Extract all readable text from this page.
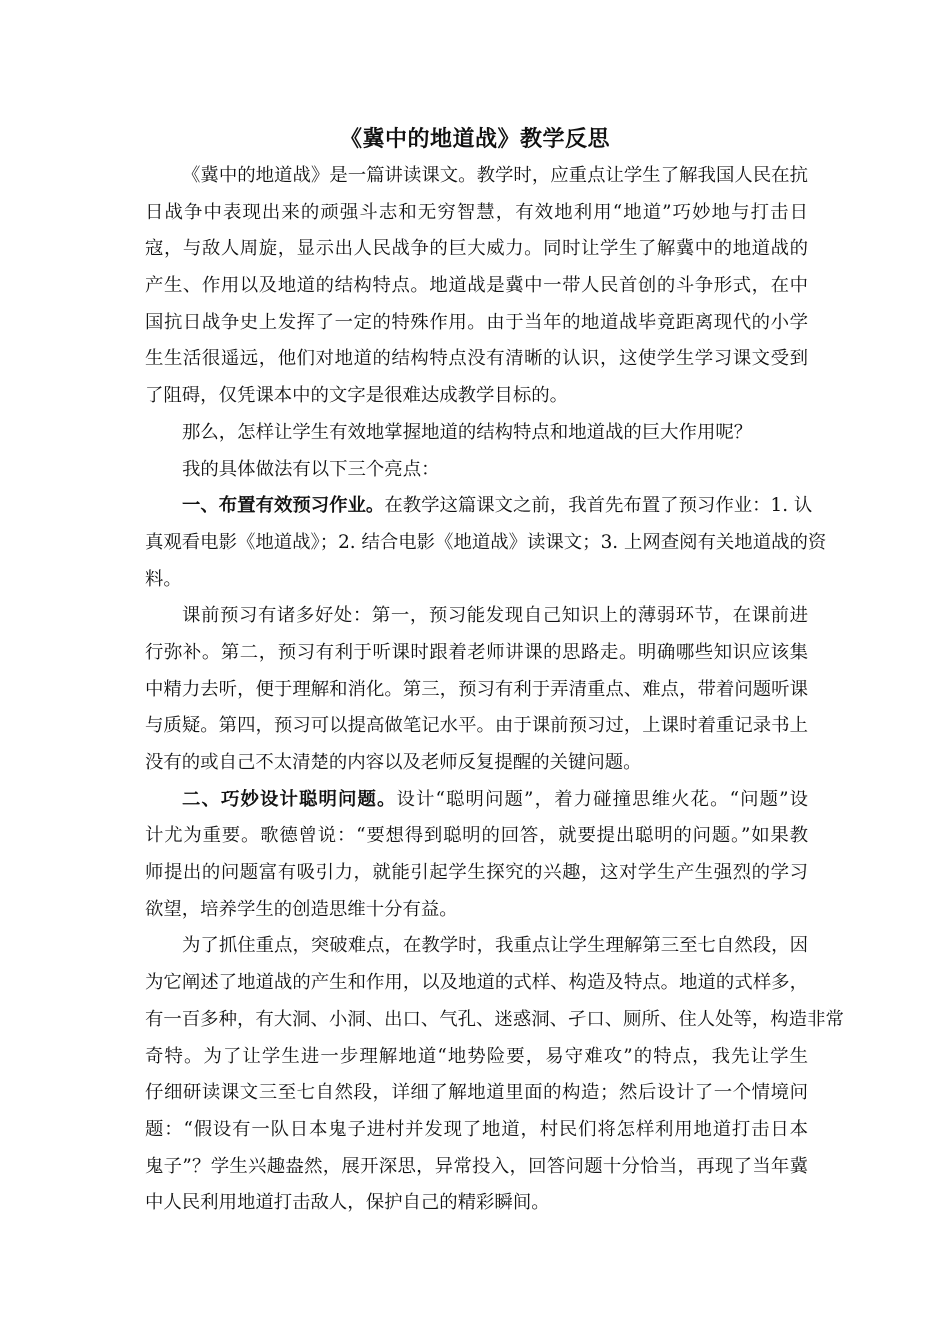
《冀中的地道战》教学反思
《冀中的地道战》是一篇讲读课文。教学时，应重点让学生了解我国人民在抗
日战争中表现出来的顽强斗志和无穷智慧，有效地利用“地道”巧妙地与打击日
寇，与敌人周旋，显示出人民战争的巨大威力。同时让学生了解冀中的地道战的
产生、作用以及地道的结构特点。地道战是冀中一带人民首创的斗争形式，在中
国抗日战争史上发挥了一定的特殊作用。由于当年的地道战毕竟距离现代的小学
生生活很遥远，他们对地道的结构特点没有清晰的认识，这使学生学习课文受到
了阻碍，仅凭课本中的文字是很难达成教学目标的。
那么，怎样让学生有效地掌握地道的结构特点和地道战的巨大作用呢？
我的具体做法有以下三个亮点：
一、布置有效预习作业。在教学这篇课文之前，我首先布置了预习作业：1. 认
真观看电影《地道战》；2. 结合电影《地道战》读课文；3. 上网查阅有关地道战的资
料。
课前预习有诸多好处：第一，预习能发现自己知识上的薄弱环节，在课前进
行弥补。第二，预习有利于听课时跟着老师讲课的思路走。明确哪些知识应该集
中精力去听，便于理解和消化。第三，预习有利于弄清重点、难点，带着问题听课
与质疑。第四，预习可以提高做笔记水平。由于课前预习过，上课时着重记录书上
没有的或自己不太清楚的内容以及老师反复提醒的关键问题。
二、巧妙设计聪明问题。设计“聪明问题”，着力碰撞思维火花。“问题”设
计尤为重要。歌德曾说：“要想得到聪明的回答，就要提出聪明的问题。”如果教
师提出的问题富有吸引力，就能引起学生探究的兴趣，这对学生产生强烈的学习
欲望，培养学生的创造思维十分有益。
为了抓住重点，突破难点，在教学时，我重点让学生理解第三至七自然段，因
为它阐述了地道战的产生和作用，以及地道的式样、构造及特点。地道的式样多，
有一百多种，有大洞、小洞、出口、气孔、迷惑洞、孑口、厕所、住人处等，构造非常
奇特。为了让学生进一步理解地道“地势险要，易守难攻”的特点，我先让学生
仔细研读课文三至七自然段，详细了解地道里面的构造；然后设计了一个情境问
题：“假设有一队日本鬼子进村并发现了地道，村民们将怎样利用地道打击日本
鬼子”？学生兴趣盎然，展开深思，异常投入，回答问题十分恰当，再现了当年冀
中人民利用地道打击敌人，保护自己的精彩瞬间。
